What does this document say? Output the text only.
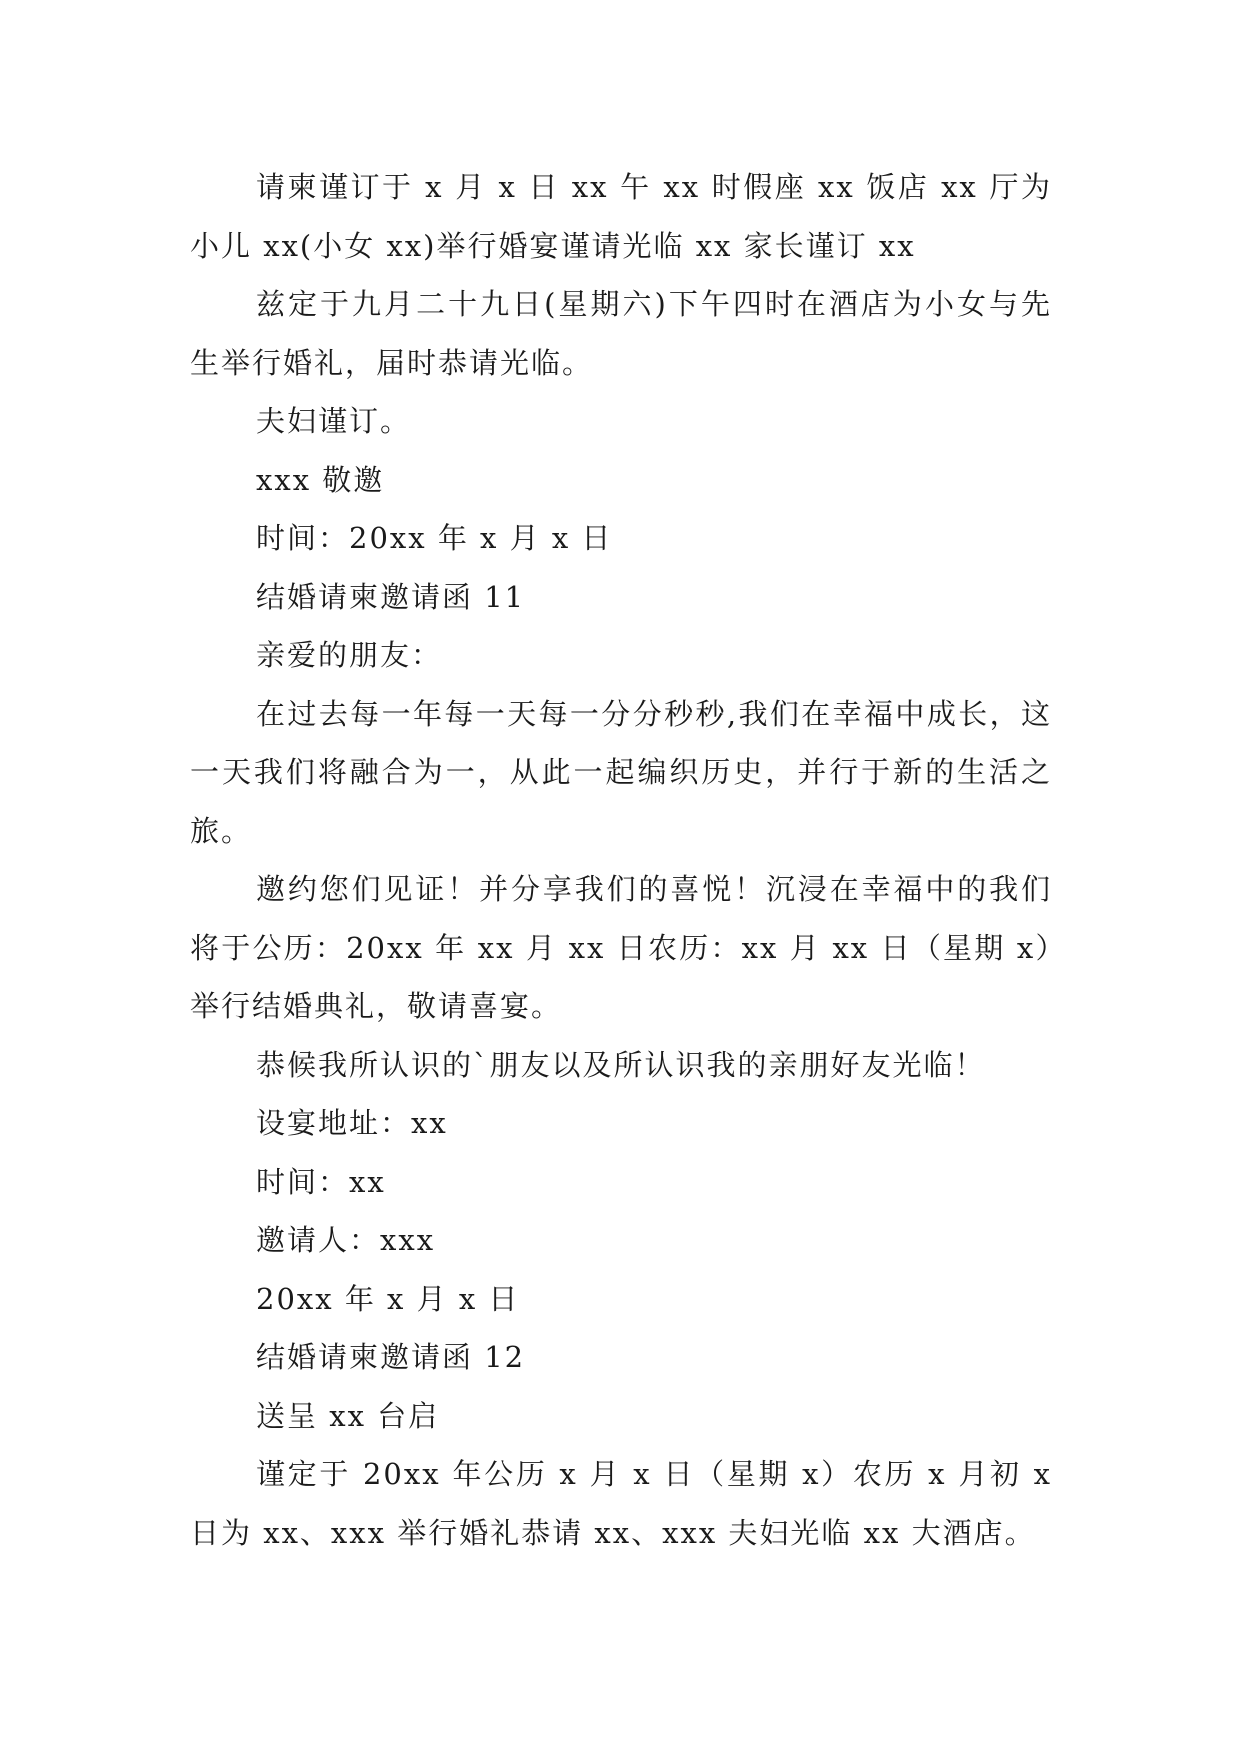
请柬谨订于 x 月 x 日 xx 午 xx 时假座 xx 饭店 xx 厅为小儿 xx(小女 xx)举行婚宴谨请光临 xx 家长谨订 xx

兹定于九月二十九日(星期六)下午四时在酒店为小女与先生举行婚礼，届时恭请光临。

夫妇谨订。

xxx 敬邀

时间：20xx 年 x 月 x 日

结婚请柬邀请函 11

亲爱的朋友：

在过去每一年每一天每一分分秒秒,我们在幸福中成长，这一天我们将融合为一，从此一起编织历史，并行于新的生活之旅。

邀约您们见证！并分享我们的喜悦！沉浸在幸福中的我们将于公历：20xx 年 xx 月 xx 日农历：xx 月 xx 日（星期 x）举行结婚典礼，敬请喜宴。

恭候我所认识的`朋友以及所认识我的亲朋好友光临！

设宴地址：xx

时间：xx

邀请人：xxx

20xx 年 x 月 x 日

结婚请柬邀请函 12

送呈 xx 台启

谨定于 20xx 年公历 x 月 x 日（星期 x）农历 x 月初 x 日为 xx、xxx 举行婚礼恭请 xx、xxx 夫妇光临 xx 大酒店。
